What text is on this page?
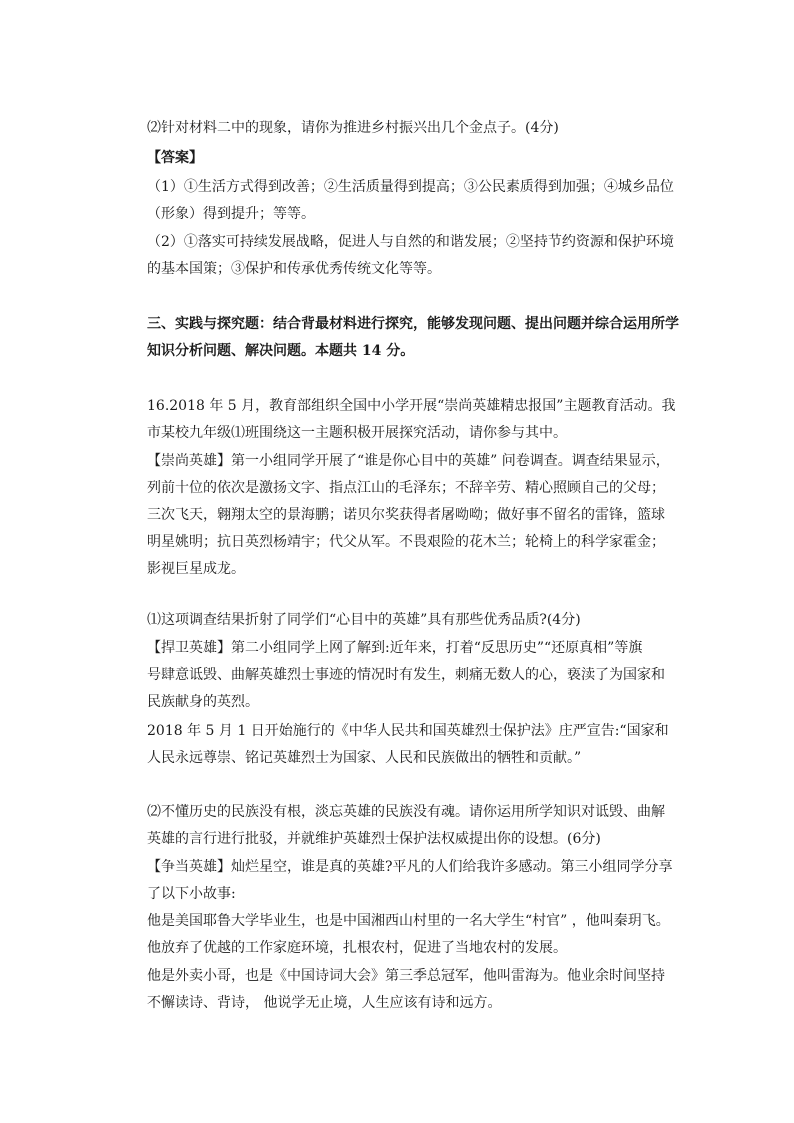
⑵针对材料二中的现象，请你为推进乡村振兴出几个金点子。(4分)
【答案】
（1）①生活方式得到改善；②生活质量得到提高；③公民素质得到加强；④城乡品位
（形象）得到提升；等等。
（2）①落实可持续发展战略，促进人与自然的和谐发展；②坚持节约资源和保护环境
的基本国策；③保护和传承优秀传统文化等等。
三、实践与探究题：结合背最材料进行探究，能够发现问题、提出问题并综合运用所学
知识分析问题、解决问题。本题共 14 分。
16.2018 年 5 月，教育部组织全国中小学开展“崇尚英雄精忠报国”主题教育活动。我
市某校九年级⑴班围绕这一主题积极开展探究活动，请你参与其中。
【崇尚英雄】第一小组同学开展了“谁是你心目中的英雄” 问卷调查。调查结果显示，
列前十位的依次是激扬文字、指点江山的毛泽东；不辞辛劳、精心照顾自己的父母；
三次飞天，翱翔太空的景海鹏；诺贝尔奖获得者屠呦呦；做好事不留名的雷锋，篮球
明星姚明；抗日英烈杨靖宇；代父从军。不畏艰险的花木兰；轮椅上的科学家霍金；
影视巨星成龙。
⑴这项调查结果折射了同学们“心目中的英雄”具有那些优秀品质?(4分)
【捍卫英雄】第二小组同学上网了解到:近年来，打着“反思历史”“还原真相”等旗
号肆意诋毁、曲解英雄烈士事迹的情况时有发生，刺痛无数人的心，亵渎了为国家和
民族献身的英烈。
2018 年 5 月 1 日开始施行的《中华人民共和国英雄烈士保护法》庄严宣告:“国家和
人民永远尊崇、铭记英雄烈士为国家、人民和民族做出的牺牲和贡献。”
⑵不懂历史的民族没有根，淡忘英雄的民族没有魂。请你运用所学知识对诋毁、曲解
英雄的言行进行批驳，并就维护英雄烈士保护法权威提出你的设想。(6分)
【争当英雄】灿烂星空，谁是真的英雄?平凡的人们给我许多感动。第三小组同学分享
了以下小故事:
他是美国耶鲁大学毕业生，也是中国湘西山村里的一名大学生“村官” ，他叫秦玥飞。
他放弃了优越的工作家庭环境，扎根农村，促进了当地农村的发展。
他是外卖小哥，也是《中国诗词大会》第三季总冠军，他叫雷海为。他业余时间坚持
不懈读诗、背诗， 他说学无止境，人生应该有诗和远方。
